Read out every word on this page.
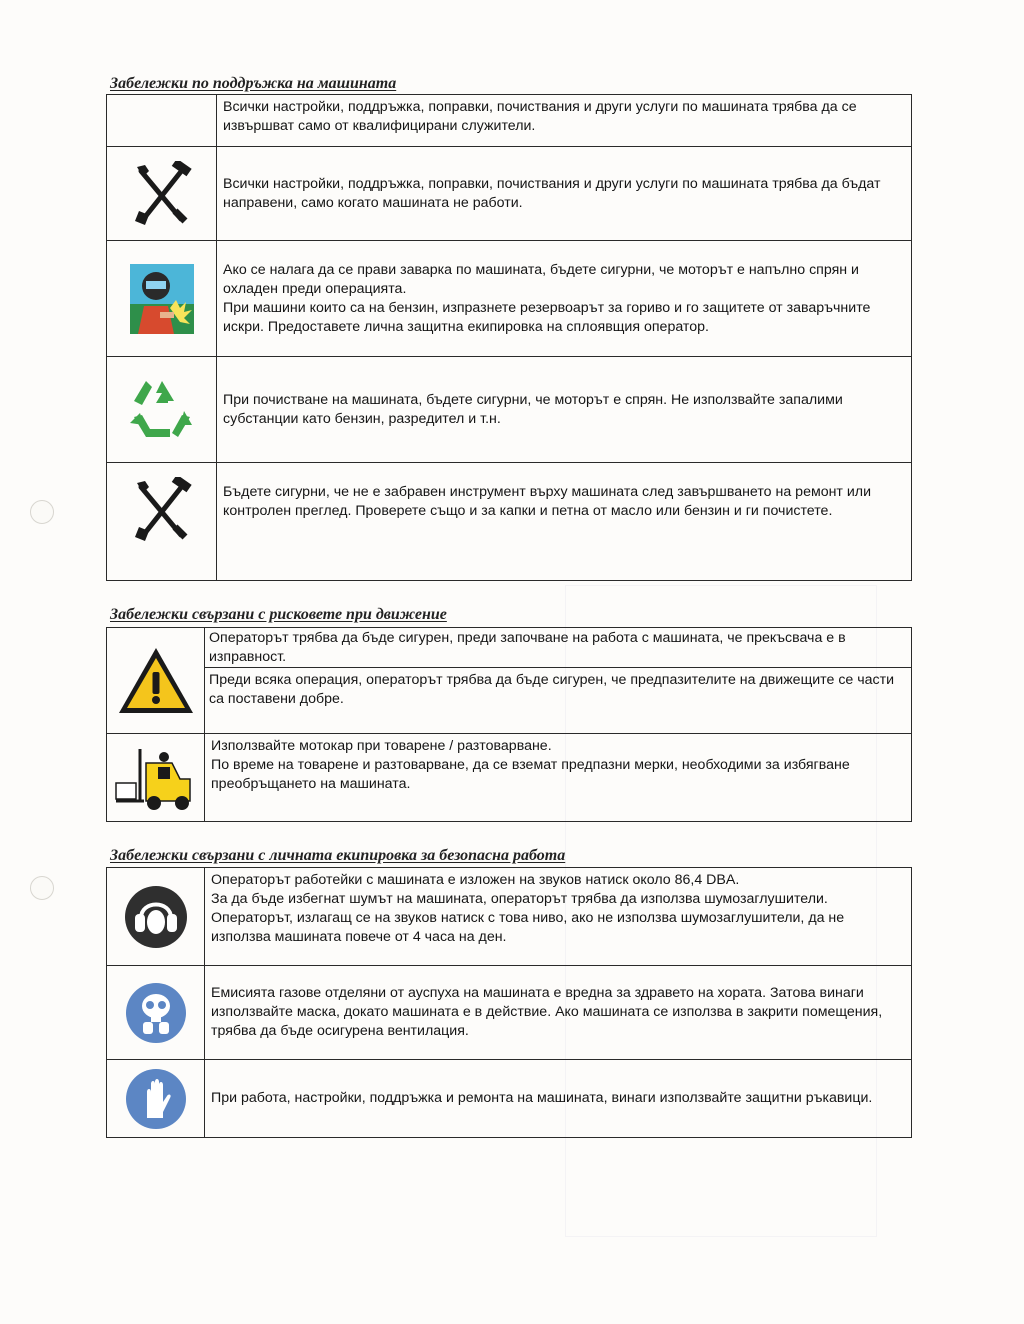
Забележки по поддръжка на машината

	Всички настройки, поддръжка, поправки, почиствания и други услуги по машината трябва да се извършват само от квалифицирани служители.

Всички настройки, поддръжка, поправки, почиствания и други услуги по машината трябва да бъдат направени, само когато машината не работи.

Ако се налага да се прави заварка по машината, бъдете сигурни, че моторът е напълно спрян и охладен преди операцията.

При машини които са на бензин, изпразнете резервоарът за гориво и го защитете от заваръчните искри. Предоставете лична защитна екипировка на сплоявщия оператор.

При почистване на машината, бъдете сигурни, че моторът е спрян. Не използвайте запалими субстанции като бензин, разредител и т.н.

Бъдете сигурни, че не е забравен инструмент върху машината след завършването на ремонт или контролен преглед. Проверете също и за капки и петна от масло или бензин и ги почистете.

Забележки свързани с рисковете при движение

Операторът трябва да бъде сигурен, преди започване на работа с машината, че прекъсвача е в изправност.

Преди всяка операция, операторът трябва да бъде сигурен, че предпазителите на движещите се части са поставени добре.

Използвайте мотокар при товарене / разтоварване.

По време на товарене и разтоварване, да се вземат предпазни мерки, необходими за избягване преобръщането на машината.

Забележки свързани с личната екипировка за безопасна работа

Операторът работейки с машината е изложен на звуков натиск около 86,4 DBA.

За да бъде избегнат шумът на машината, операторът трябва да използва шумозаглушители. Операторът, излагащ се на звуков натиск с това ниво, ако не използва шумозаглушители, да не използва машината повече от 4 часа на ден.

Емисията газове отделяни от ауспуха на машината е вредна за здравето на хората. Затова винаги използвайте маска, докато машината е в действие. Ако машината се използва в закрити помещения, трябва да бъде осигурена вентилация.

При работа, настройки, поддръжка и ремонта на машината, винаги използвайте защитни ръкавици.
